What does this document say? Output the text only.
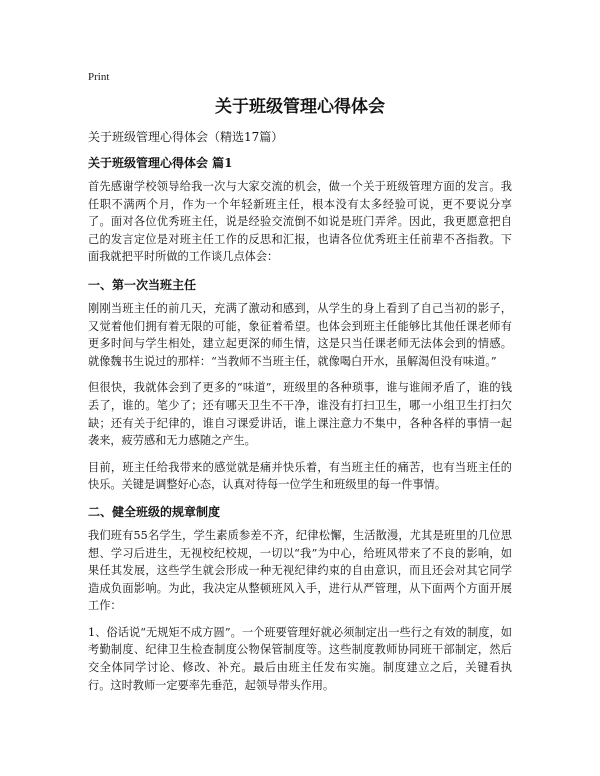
Print
关于班级管理心得体会
关于班级管理心得体会（精选17篇）
关于班级管理心得体会 篇1
首先感谢学校领导给我一次与大家交流的机会，做一个关于班级管理方面的发言。我任职不满两个月，作为一个年轻新班主任，根本没有太多经验可说，更不要说分享了。面对各位优秀班主任，说是经验交流倒不如说是班门弄斧。因此，我更愿意把自己的发言定位是对班主任工作的反思和汇报，也请各位优秀班主任前辈不吝指教。下面我就把平时所做的工作谈几点体会：
一、第一次当班主任
刚刚当班主任的前几天，充满了激动和感到，从学生的身上看到了自己当初的影子，又觉着他们拥有着无限的可能，象征着希望。也体会到班主任能够比其他任课老师有更多时间与学生相处，建立起更深的师生情，这是只当任课老师无法体会到的情感。就像魏书生说过的那样：“当教师不当班主任，就像喝白开水，虽解渴但没有味道。”
但很快，我就体会到了更多的“味道”，班级里的各种琐事，谁与谁闹矛盾了，谁的钱丢了，谁的。笔少了；还有哪天卫生不干净，谁没有打扫卫生，哪一小组卫生打扫欠缺；还有关于纪律的，谁自习课爱讲话，谁上课注意力不集中，各种各样的事情一起袭来，疲劳感和无力感随之产生。
目前，班主任给我带来的感觉就是痛并快乐着，有当班主任的痛苦，也有当班主任的快乐。关键是调整好心态，认真对待每一位学生和班级里的每一件事情。
二、健全班级的规章制度
我们班有55名学生，学生素质参差不齐，纪律松懈，生活散漫，尤其是班里的几位思想、学习后进生，无视校纪校规，一切以“我”为中心，给班风带来了不良的影响，如果任其发展，这些学生就会形成一种无视纪律约束的自由意识，而且还会对其它同学造成负面影响。为此，我决定从整顿班风入手，进行从严管理，从下面两个方面开展工作：
1、俗话说“无规矩不成方圆”。一个班要管理好就必须制定出一些行之有效的制度，如考勤制度、纪律卫生检查制度公物保管制度等。这些制度教师协同班干部制定，然后交全体同学讨论、修改、补充。最后由班主任发布实施。制度建立之后，关键看执行。这时教师一定要率先垂范，起领导带头作用。
